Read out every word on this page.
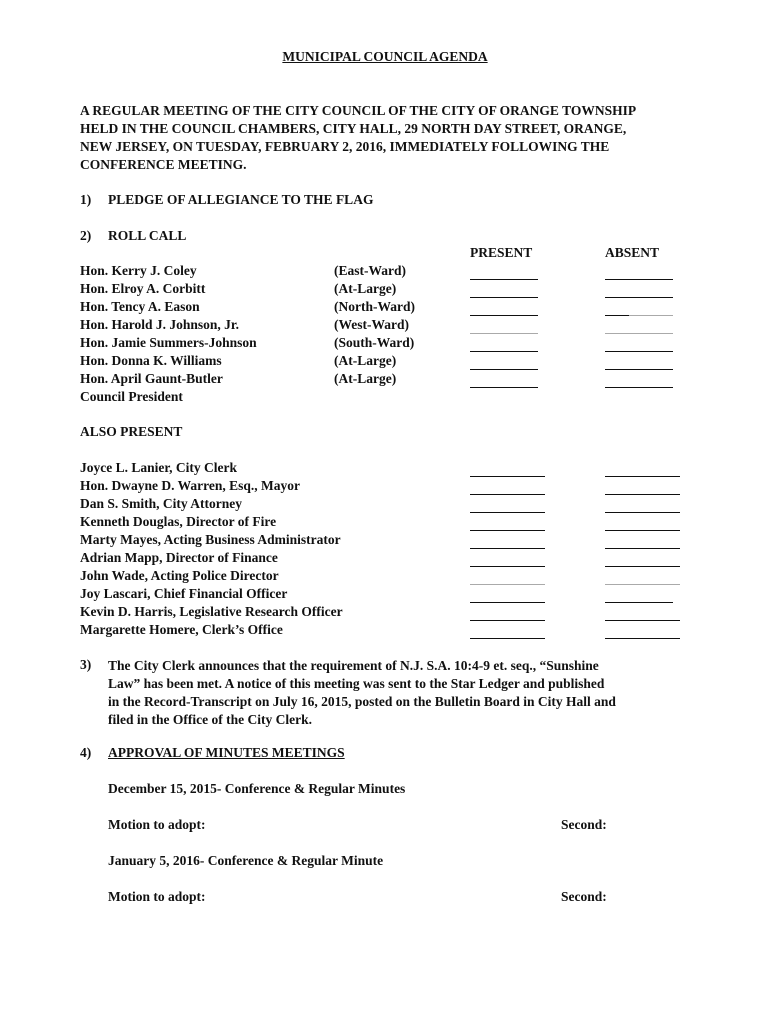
MUNICIPAL COUNCIL AGENDA
A REGULAR MEETING OF THE CITY COUNCIL OF THE CITY OF ORANGE TOWNSHIP
HELD IN THE COUNCIL CHAMBERS, CITY HALL, 29 NORTH DAY STREET, ORANGE,
NEW JERSEY, ON TUESDAY, FEBRUARY 2, 2016, IMMEDIATELY FOLLOWING THE
CONFERENCE MEETING.
1) PLEDGE OF ALLEGIANCE TO THE FLAG
2) ROLL CALL
PRESENT	ABSENT
Hon. Kerry J. Coley	(East-Ward)
Hon. Elroy A. Corbitt	(At-Large)
Hon. Tency A. Eason	(North-Ward)
Hon. Harold J. Johnson, Jr.	(West-Ward)
Hon. Jamie Summers-Johnson	(South-Ward)
Hon. Donna K. Williams	(At-Large)
Hon. April Gaunt-Butler	(At-Large)
Council President
ALSO PRESENT
Joyce L. Lanier, City Clerk
Hon. Dwayne D. Warren, Esq., Mayor
Dan S. Smith, City Attorney
Kenneth Douglas, Director of Fire
Marty Mayes, Acting Business Administrator
Adrian Mapp, Director of Finance
John Wade, Acting Police Director
Joy Lascari, Chief Financial Officer
Kevin D. Harris, Legislative Research Officer
Margarette Homere, Clerk’s Office
3) The City Clerk announces that the requirement of N.J. S.A. 10:4-9 et. seq., “Sunshine
Law” has been met. A notice of this meeting was sent to the Star Ledger and published
in the Record-Transcript on July 16, 2015, posted on the Bulletin Board in City Hall and
filed in the Office of the City Clerk.
4) APPROVAL OF MINUTES MEETINGS
December 15, 2015- Conference & Regular Minutes
Motion to adopt:	Second:
January 5, 2016- Conference & Regular Minute
Motion to adopt:	Second:
